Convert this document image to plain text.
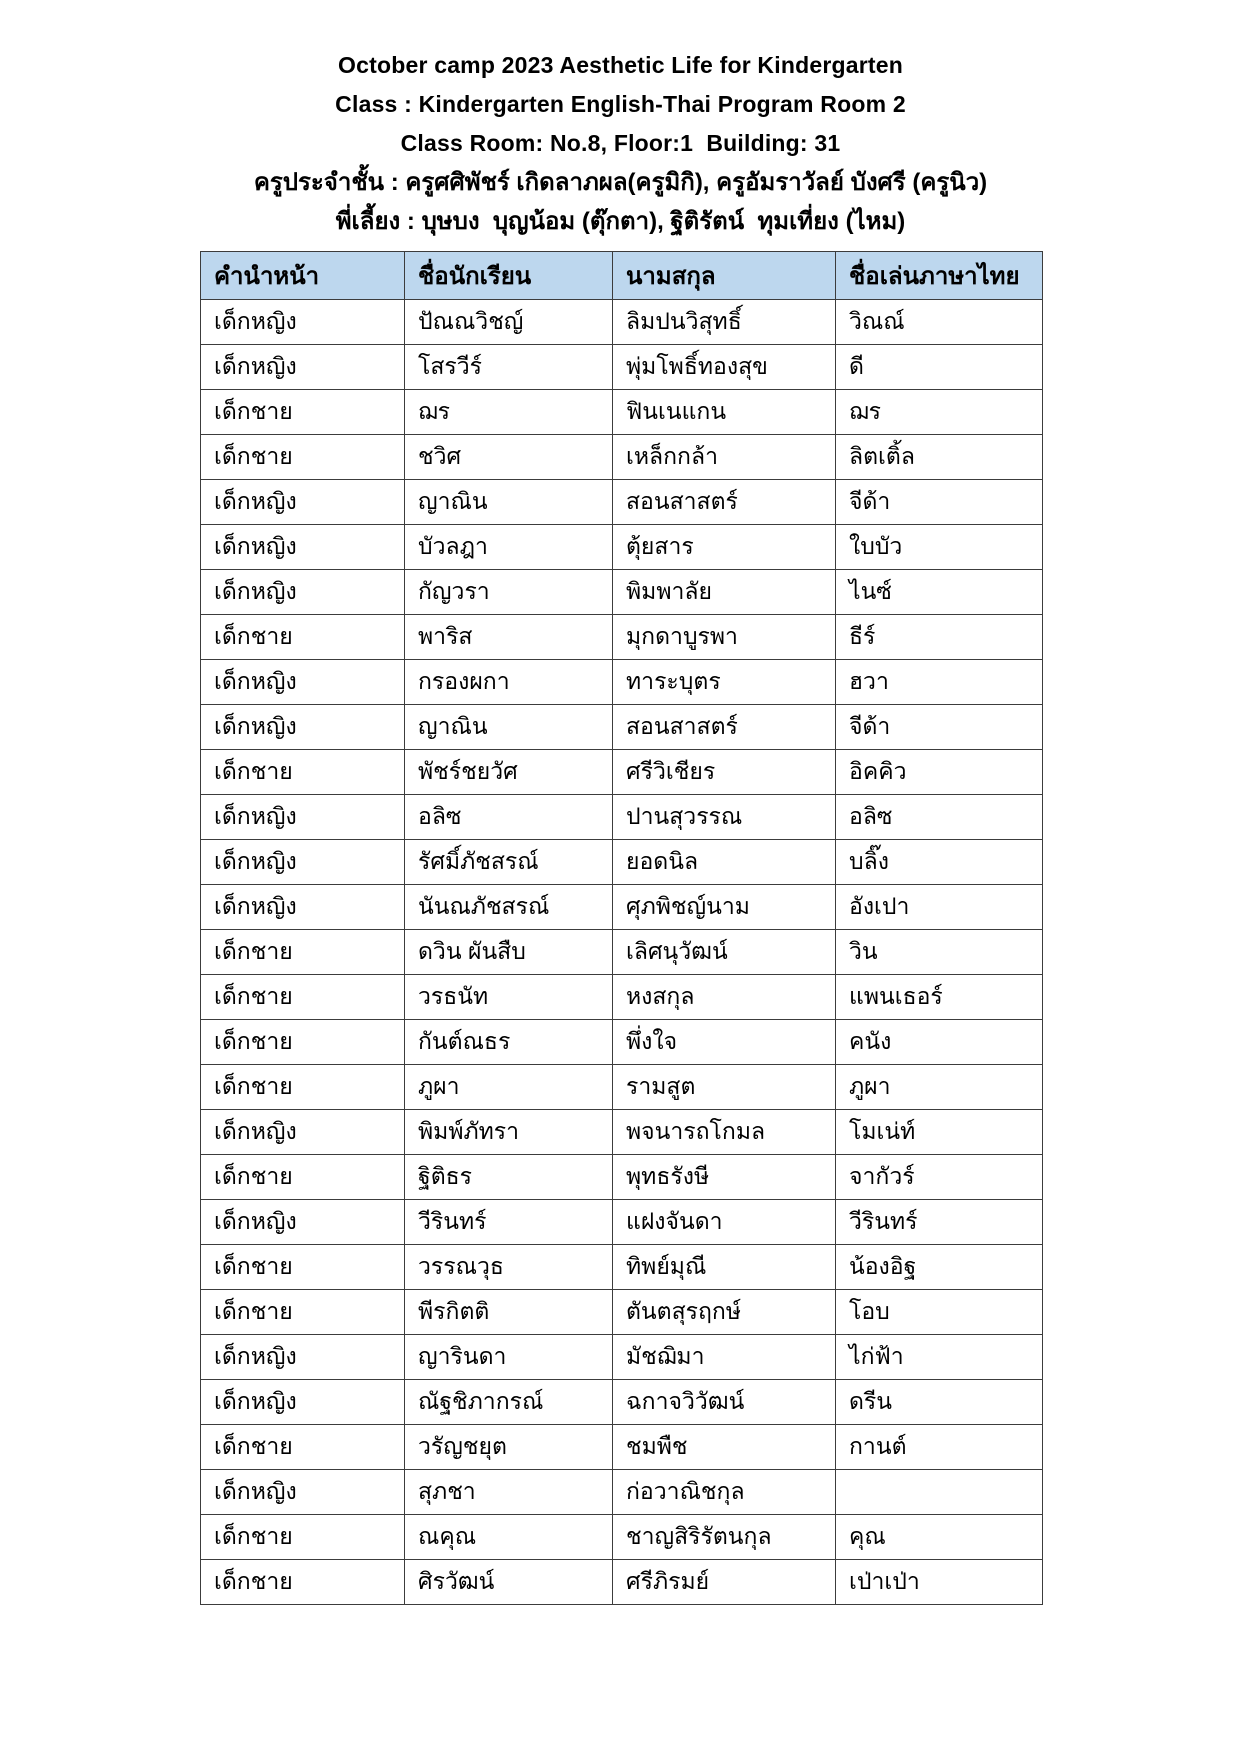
October camp 2023 Aesthetic Life for Kindergarten
Class : Kindergarten English-Thai Program Room 2
Class Room: No.8, Floor:1  Building: 31
ครูประจำชั้น : ครูศศิพัชร์ เกิดลาภผล(ครูมิกิ), ครูอัมราวัลย์ บังศรี (ครูนิว)
พี่เลี้ยง : บุษบง  บุญน้อม (ตุ๊กตา), ฐิติรัตน์  ทุมเที่ยง (ไหม)
คำนำหน้า	ชื่อนักเรียน	นามสกุล	ชื่อเล่นภาษาไทย
เด็กหญิง	ปัณณวิชญ์	ลิมปนวิสุทธิ์	วิณณ์
เด็กหญิง	โสรวีร์	พุ่มโพธิ์ทองสุข	ดี
เด็กชาย	ฌร	ฟินเนแกน	ฌร
เด็กชาย	ชวิศ	เหล็กกล้า	ลิตเติ้ล
เด็กหญิง	ญาณิน	สอนสาสตร์	จีด้า
เด็กหญิง	บัวลฎา	ตุ้ยสาร	ใบบัว
เด็กหญิง	กัญวรา	พิมพาลัย	ไนซ์
เด็กชาย	พาริส	มุกดาบูรพา	ธีร์
เด็กหญิง	กรองผกา	ทาระบุตร	ฮวา
เด็กหญิง	ญาณิน	สอนสาสตร์	จีด้า
เด็กชาย	พัชร์ชยวัศ	ศรีวิเชียร	อิคคิว
เด็กหญิง	อลิซ	ปานสุวรรณ	อลิซ
เด็กหญิง	รัศมิ์ภัชสรณ์	ยอดนิล	บลิ๊ง
เด็กหญิง	นันณภัชสรณ์	ศุภพิชญ์นาม	อังเปา
เด็กชาย	ดวิน ผันสืบ	เลิศนุวัฒน์	วิน
เด็กชาย	วรธนัท	หงสกุล	แพนเธอร์
เด็กชาย	กันต์ณธร	พึ่งใจ	คนัง
เด็กชาย	ภูผา	รามสูต	ภูผา
เด็กหญิง	พิมพ์ภัทรา	พจนารถโกมล	โมเน่ท์
เด็กชาย	ฐิติธร	พุทธรังษี	จากัวร์
เด็กหญิง	วีรินทร์	แฝงจันดา	วีรินทร์
เด็กชาย	วรรณวุธ	ทิพย์มุณี	น้องอิฐ
เด็กชาย	พีรกิตติ	ตันตสุรฤกษ์	โอบ
เด็กหญิง	ญารินดา	มัชฌิมา	ไก่ฟ้า
เด็กหญิง	ณัฐชิภากรณ์	ฉกาจวิวัฒน์	ดรีน
เด็กชาย	วรัญชยุต	ชมพืช	กานต์
เด็กหญิง	สุภชา	ก่อวาณิชกุล	
เด็กชาย	ณคุณ	ชาญสิริรัตนกุล	คุณ
เด็กชาย	ศิรวัฒน์	ศรีภิรมย์	เป่าเป่า
